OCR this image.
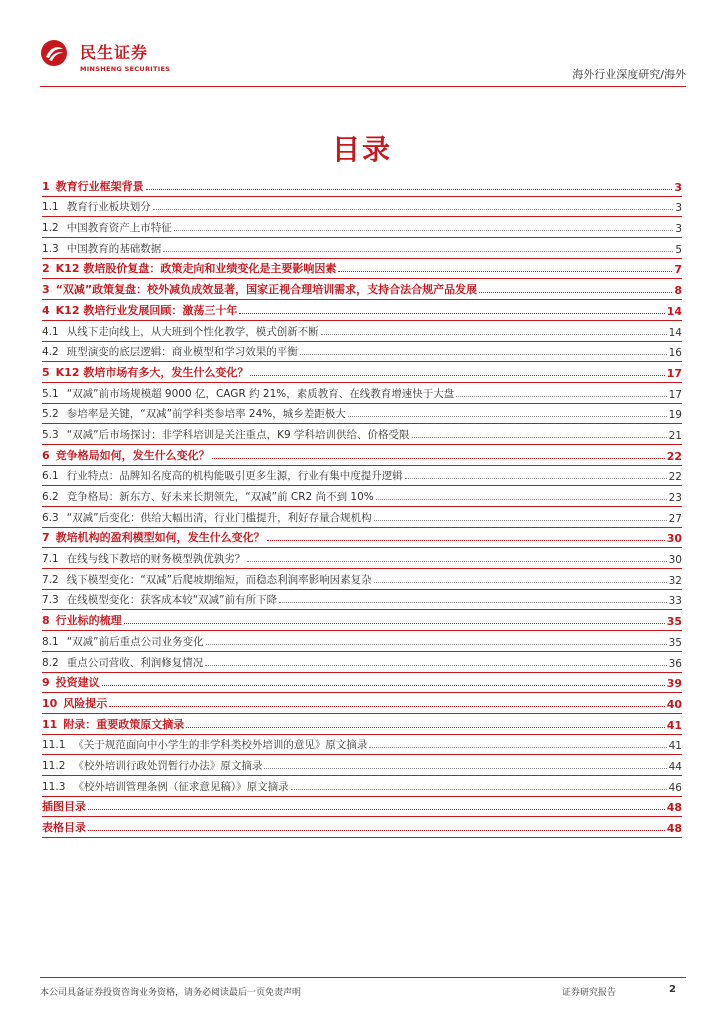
民生证券
MINSHENG SECURITIES	海外行业深度研究/海外
目录
1 教育行业框架背景	3
1.1 教育行业板块划分	3
1.2 中国教育资产上市特征	3
1.3 中国教育的基础数据	5
2 K12 教培股价复盘：政策走向和业绩变化是主要影响因素	7
3 “双减”政策复盘：校外减负成效显著，国家正视合理培训需求，支持合法合规产品发展	8
4 K12 教培行业发展回顾：激荡三十年	14
4.1 从线下走向线上，从大班到个性化教学，模式创新不断	14
4.2 班型演变的底层逻辑：商业模型和学习效果的平衡	16
5 K12 教培市场有多大，发生什么变化？	17
5.1 “双减”前市场规模超 9000 亿，CAGR 约 21%，素质教育、在线教育增速快于大盘	17
5.2 参培率是关键，“双减”前学科类参培率 24%，城乡差距极大	19
5.3 “双减”后市场探讨：非学科培训是关注重点，K9 学科培训供给、价格受限	21
6 竞争格局如何，发生什么变化？	22
6.1 行业特点：品牌知名度高的机构能吸引更多生源，行业有集中度提升逻辑	22
6.2 竞争格局：新东方、好未来长期领先，“双减”前 CR2 尚不到 10%	23
6.3 “双减”后变化：供给大幅出清，行业门槛提升，利好存量合规机构	27
7 教培机构的盈利模型如何，发生什么变化？	30
7.1 在线与线下教培的财务模型孰优孰劣？	30
7.2 线下模型变化：“双减”后爬坡期缩短，而稳态利润率影响因素复杂	32
7.3 在线模型变化：获客成本较“双减”前有所下降	33
8 行业标的梳理	35
8.1 “双减”前后重点公司业务变化	35
8.2 重点公司营收、利润修复情况	36
9 投资建议	39
10 风险提示	40
11 附录：重要政策原文摘录	41
11.1 《关于规范面向中小学生的非学科类校外培训的意见》原文摘录	41
11.2 《校外培训行政处罚暂行办法》原文摘录	44
11.3 《校外培训管理条例（征求意见稿）》原文摘录	46
插图目录	48
表格目录	48
本公司具备证券投资咨询业务资格，请务必阅读最后一页免责声明	证券研究报告	2
